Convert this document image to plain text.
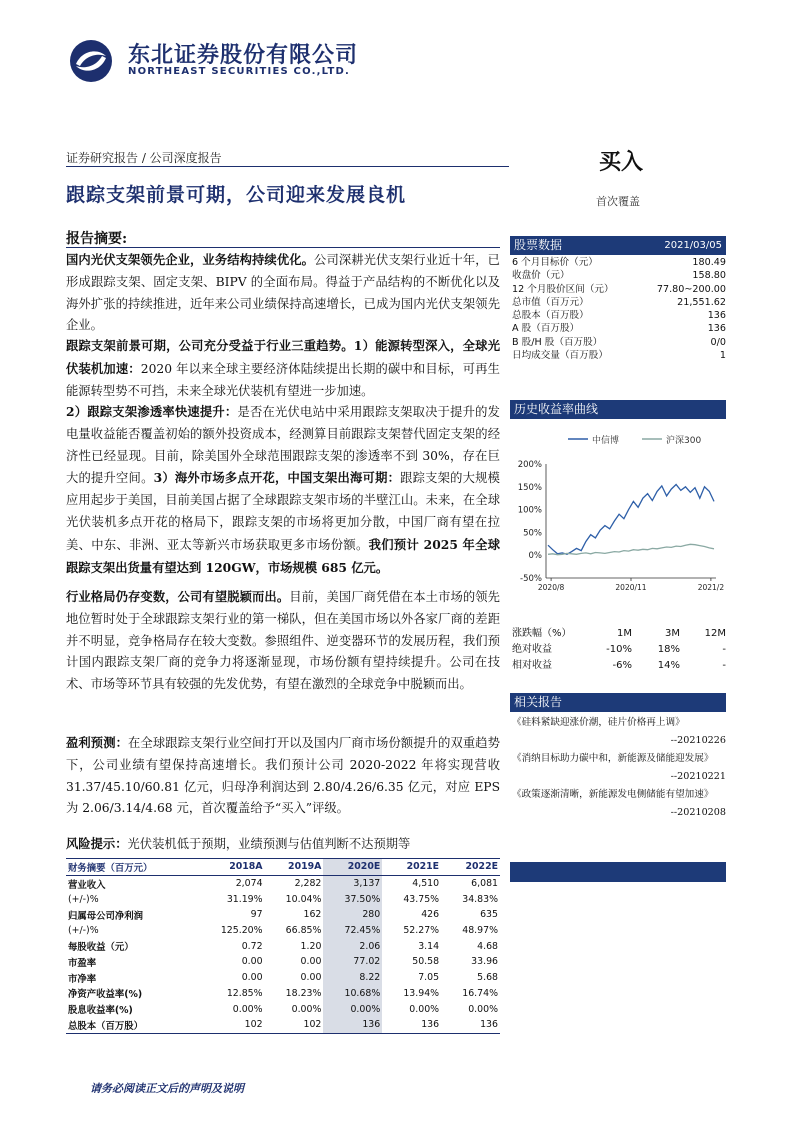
东北证券股份有限公司
NORTHEAST SECURITIES CO.,LTD.
证券研究报告 / 公司深度报告
跟踪支架前景可期，公司迎来发展良机
买入
首次覆盖
报告摘要:
国内光伏支架领先企业，业务结构持续优化。公司深耕光伏支架行业近十年，已形成跟踪支架、固定支架、BIPV 的全面布局。得益于产品结构的不断优化以及海外扩张的持续推进，近年来公司业绩保持高速增长，已成为国内光伏支架领先企业。
跟踪支架前景可期，公司充分受益于行业三重趋势。1）能源转型深入，全球光伏装机加速：2020 年以来全球主要经济体陆续提出长期的碳中和目标，可再生能源转型势不可挡，未来全球光伏装机有望进一步加速。
2）跟踪支架渗透率快速提升：是否在光伏电站中采用跟踪支架取决于提升的发电量收益能否覆盖初始的额外投资成本，经测算目前跟踪支架替代固定支架的经济性已经显现。目前，除美国外全球范围跟踪支架的渗透率不到 30%，存在巨大的提升空间。3）海外市场多点开花，中国支架出海可期：跟踪支架的大规模应用起步于美国，目前美国占据了全球跟踪支架市场的半壁江山。未来，在全球光伏装机多点开花的格局下，跟踪支架的市场将更加分散，中国厂商有望在拉美、中东、非洲、亚太等新兴市场获取更多市场份额。我们预计 2025 年全球跟踪支架出货量有望达到 120GW，市场规模 685 亿元。
行业格局仍存变数，公司有望脱颖而出。目前，美国厂商凭借在本土市场的领先地位暂时处于全球跟踪支架行业的第一梯队，但在美国市场以外各家厂商的差距并不明显，竞争格局存在较大变数。参照组件、逆变器环节的发展历程，我们预计国内跟踪支架厂商的竞争力将逐渐显现，市场份额有望持续提升。公司在技术、市场等环节具有较强的先发优势，有望在激烈的全球竞争中脱颖而出。
盈利预测：在全球跟踪支架行业空间打开以及国内厂商市场份额提升的双重趋势下，公司业绩有望保持高速增长。我们预计公司 2020-2022 年将实现营收 31.37/45.10/60.81 亿元，归母净利润达到 2.80/4.26/6.35 亿元，对应 EPS 为 2.06/3.14/4.68 元，首次覆盖给予“买入”评级。
风险提示：光伏装机低于预期，业绩预测与估值判断不达预期等
股票数据	2021/03/05
6 个月目标价（元）	180.49
收盘价（元）	158.80
12 个月股价区间（元）	77.80~200.00
总市值（百万元）	21,551.62
总股本（百万股）	136
A 股（百万股）	136
B 股/H 股（百万股）	0/0
日均成交量（百万股）	1
历史收益率曲线
中信博	沪深300
200%
150%
100%
50%
0%
-50%
2020/8	2020/11	2021/2
涨跌幅（%）	1M	3M	12M
绝对收益	-10%	18%	-
相对收益	-6%	14%	-
相关报告
《硅料紧缺迎涨价潮，硅片价格再上调》
--20210226
《消纳目标助力碳中和，新能源及储能迎发展》
--20210221
《政策逐渐清晰，新能源发电侧储能有望加速》
--20210208
财务摘要（百万元）	2018A	2019A	2020E	2021E	2022E
营业收入	2,074	2,282	3,137	4,510	6,081
(+/-)%	31.19%	10.04%	37.50%	43.75%	34.83%
归属母公司净利润	97	162	280	426	635
(+/-)%	125.20%	66.85%	72.45%	52.27%	48.97%
每股收益（元）	0.72	1.20	2.06	3.14	4.68
市盈率	0.00	0.00	77.02	50.58	33.96
市净率	0.00	0.00	8.22	7.05	5.68
净资产收益率(%)	12.85%	18.23%	10.68%	13.94%	16.74%
股息收益率(%)	0.00%	0.00%	0.00%	0.00%	0.00%
总股本（百万股）	102	102	136	136	136
请务必阅读正文后的声明及说明
